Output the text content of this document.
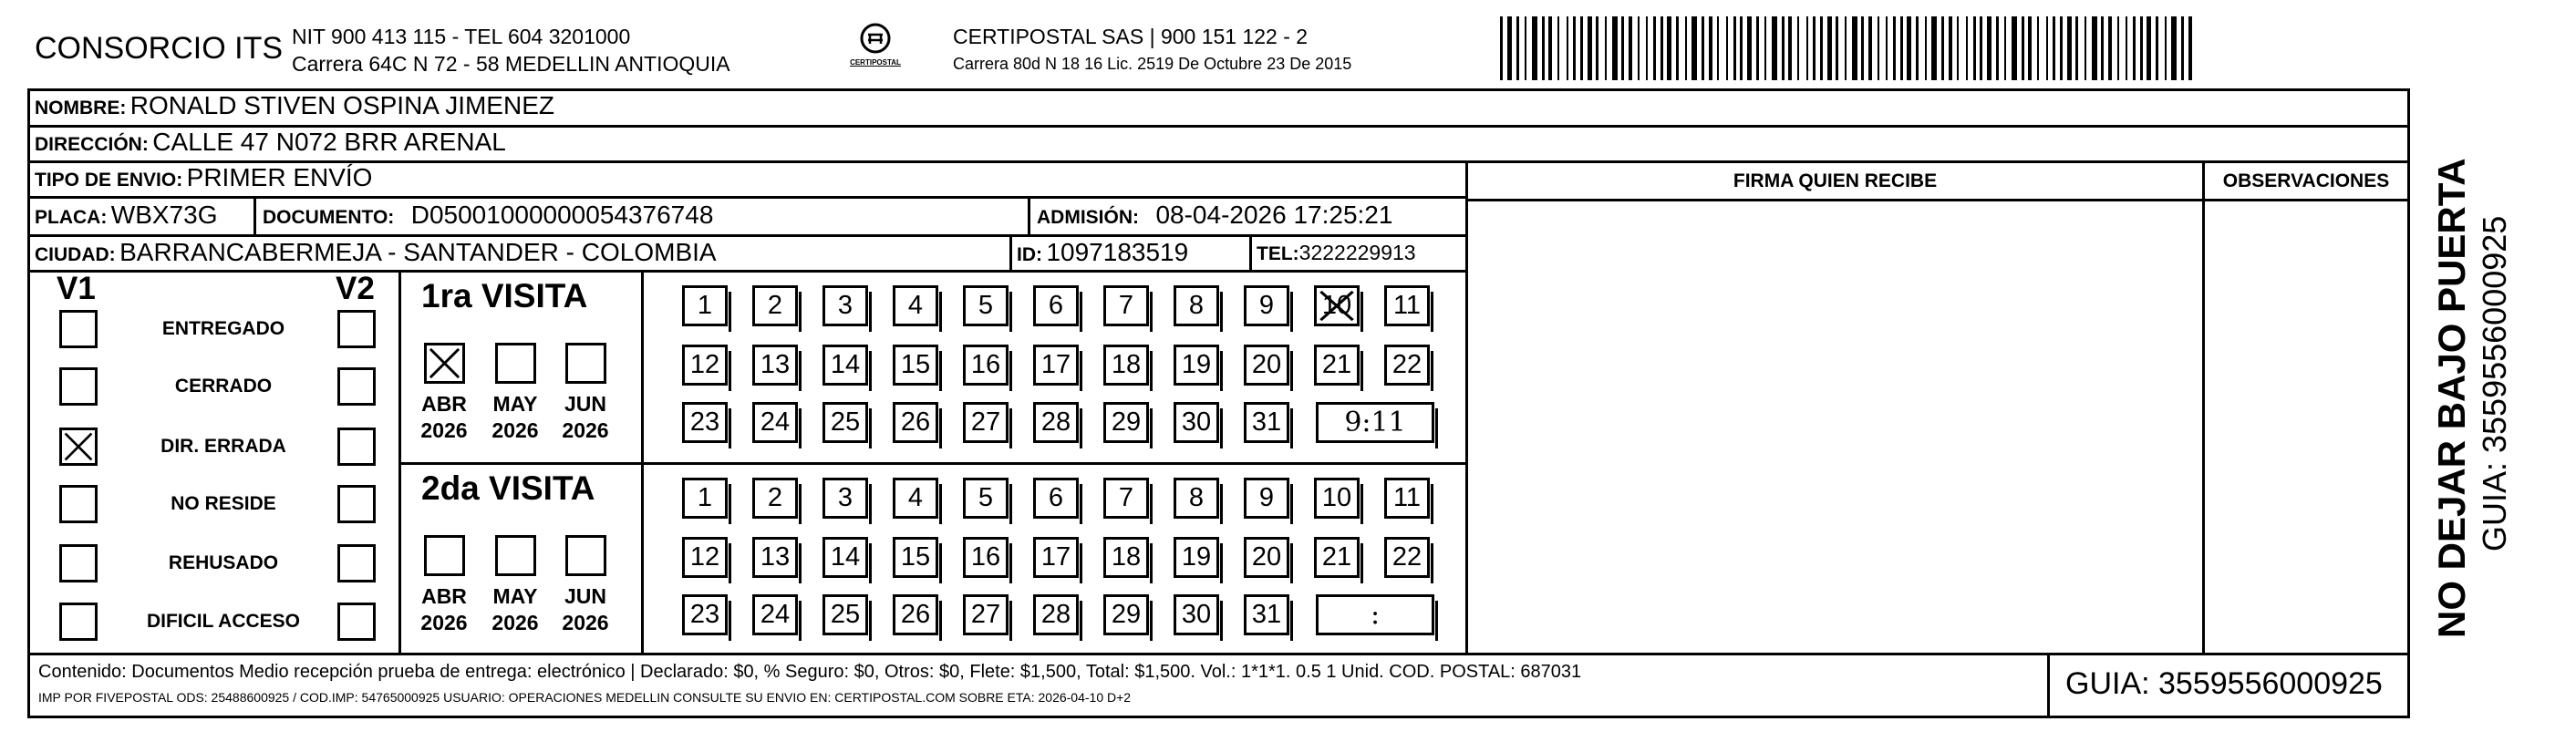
CONSORCIO ITS NIT 900 413 115 - TEL 604 3201000
Carrera 64C N 72 - 58 MEDELLIN ANTIOQUIA	CERTIPOSTAL
CERTIPOSTAL SAS | 900 151 122 - 2
Carrera 80d N 18 16 Lic. 2519 De Octubre 23 De 2015
NOMBRE: RONALD STIVEN OSPINA JIMENEZ
DIRECCIÓN: CALLE 47 N072 BRR ARENAL
TIPO DE ENVIO: PRIMER ENVÍO
PLACA: WBX73G DOCUMENTO: D05001000000054376748	ADMISIÓN: 08-04-2026 17:25:21
CIUDAD: BARRANCABERMEJA - SANTANDER - COLOMBIA	ID: 1097183519	TEL:3222229913
FIRMA QUIEN RECIBE	OBSERVACIONES
V1	V2
ENTREGADO
CERRADO
DIR. ERRADA
NO RESIDE
REHUSADO
DIFICIL ACCESO
1ra VISITA
ABR
2026
MAY
2026
JUN
2026
1 2 3 4 5 6 7 8 9 10 11
12 13 14 15 16 17 18 19 20 21 22
23 24 25 26 27 28 29 30 31 9:11
2da VISITA
ABR
2026
MAY
2026
JUN
2026
1 2 3 4 5 6 7 8 9 10 11
12 13 14 15 16 17 18 19 20 21 22
23 24 25 26 27 28 29 30 31	:	NO DEJAR BAJO PUERTA GUIA: 3559556000925
Contenido: Documentos Medio recepción prueba de entrega: electrónico | Declarado: $0, % Seguro: $0, Otros: $0, Flete: $1,500, Total: $1,500. Vol.: 1*1*1. 0.5 1 Unid. COD. POSTAL: 687031
IMP POR FIVEPOSTAL ODS: 25488600925 / COD.IMP: 54765000925 USUARIO: OPERACIONES MEDELLIN CONSULTE SU ENVIO EN: CERTIPOSTAL.COM SOBRE ETA: 2026-04-10 D+2	GUIA: 3559556000925
